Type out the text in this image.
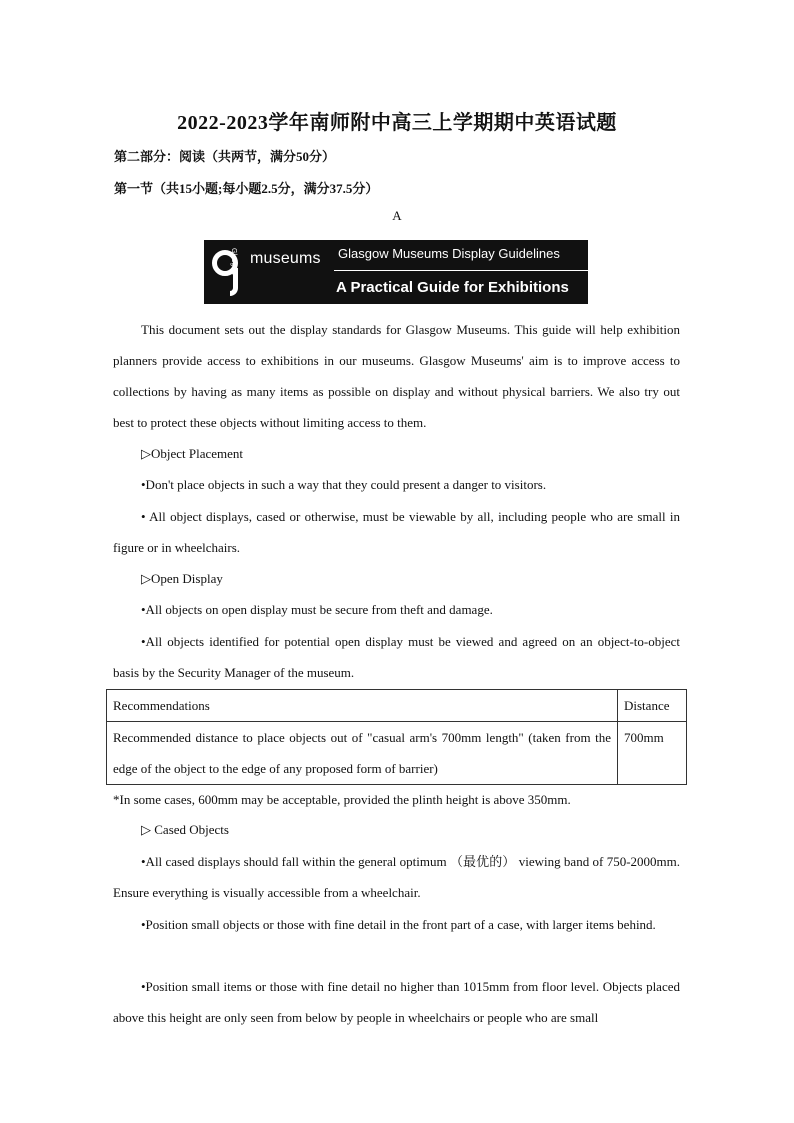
2022-2023学年南师附中高三上学期期中英语试题
第二部分：阅读（共两节，满分50分）
第一节（共15小题;每小题2.5分，满分37.5分）
A
Glasgow museums Glasgow Museums Display Guidelines
A Practical Guide for Exhibitions
This document sets out the display standards for Glasgow Museums. This guide will help exhibition planners provide access to exhibitions in our museums. Glasgow Museums' aim is to improve access to collections by having as many items as possible on display and without physical barriers. We also try out best to protect these objects without limiting access to them.
▷Object Placement
•Don't place objects in such a way that they could present a danger to visitors.
• All object displays, cased or otherwise, must be viewable by all, including people who are small in figure or in wheelchairs.
▷Open Display
•All objects on open display must be secure from theft and damage.
•All objects identified for potential open display must be viewed and agreed on an object-to-object basis by the Security Manager of the museum.
Recommendations	Distance
Recommended distance to place objects out of "casual arm's 700mm length" (taken from the edge of the object to the edge of any proposed form of barrier)	700mm
*In some cases, 600mm may be acceptable, provided the plinth height is above 350mm.
▷ Cased Objects
•All cased displays should fall within the general optimum （最优的） viewing band of 750-2000mm. Ensure everything is visually accessible from a wheelchair.
•Position small objects or those with fine detail in the front part of a case, with larger items behind.
•Position small items or those with fine detail no higher than 1015mm from floor level. Objects placed above this height are only seen from below by people in wheelchairs or people who are small
